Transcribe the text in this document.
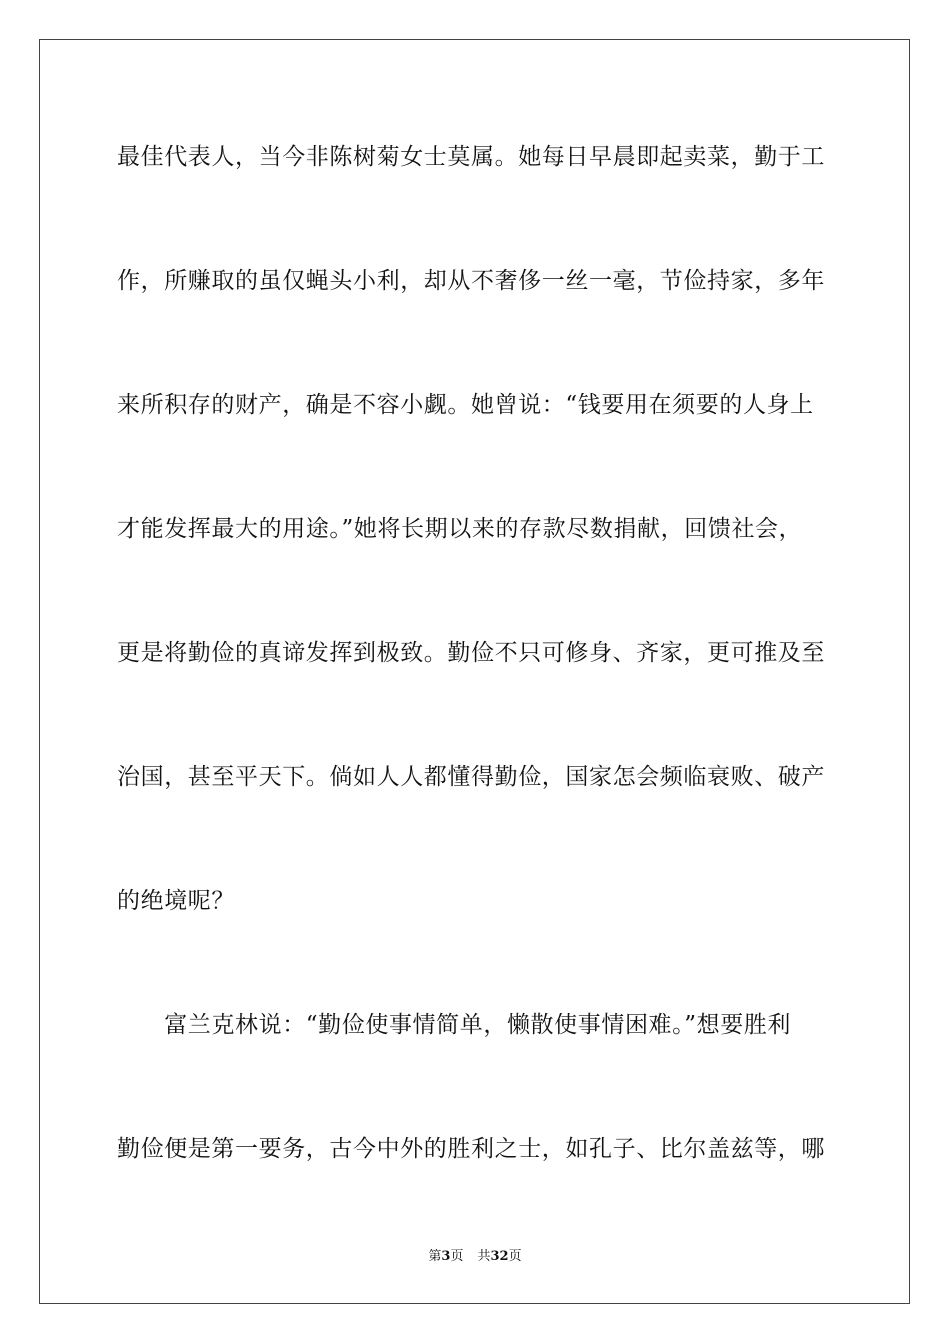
最佳代表人，当今非陈树菊女士莫属。她每日早晨即起卖菜，勤于工
作，所赚取的虽仅蝇头小利，却从不奢侈一丝一毫，节俭持家，多年
来所积存的财产，确是不容小觑。她曾说：“钱要用在须要的人身上
才能发挥最大的用途。”她将长期以来的存款尽数捐献，回馈社会，
更是将勤俭的真谛发挥到极致。勤俭不只可修身、齐家，更可推及至
治国，甚至平天下。倘如人人都懂得勤俭，国家怎会频临衰败、破产
的绝境呢？
　　富兰克林说：“勤俭使事情简单，懒散使事情困难。”想要胜利
勤俭便是第一要务，古今中外的胜利之士，如孔子、比尔盖兹等，哪
第3页 共32页
